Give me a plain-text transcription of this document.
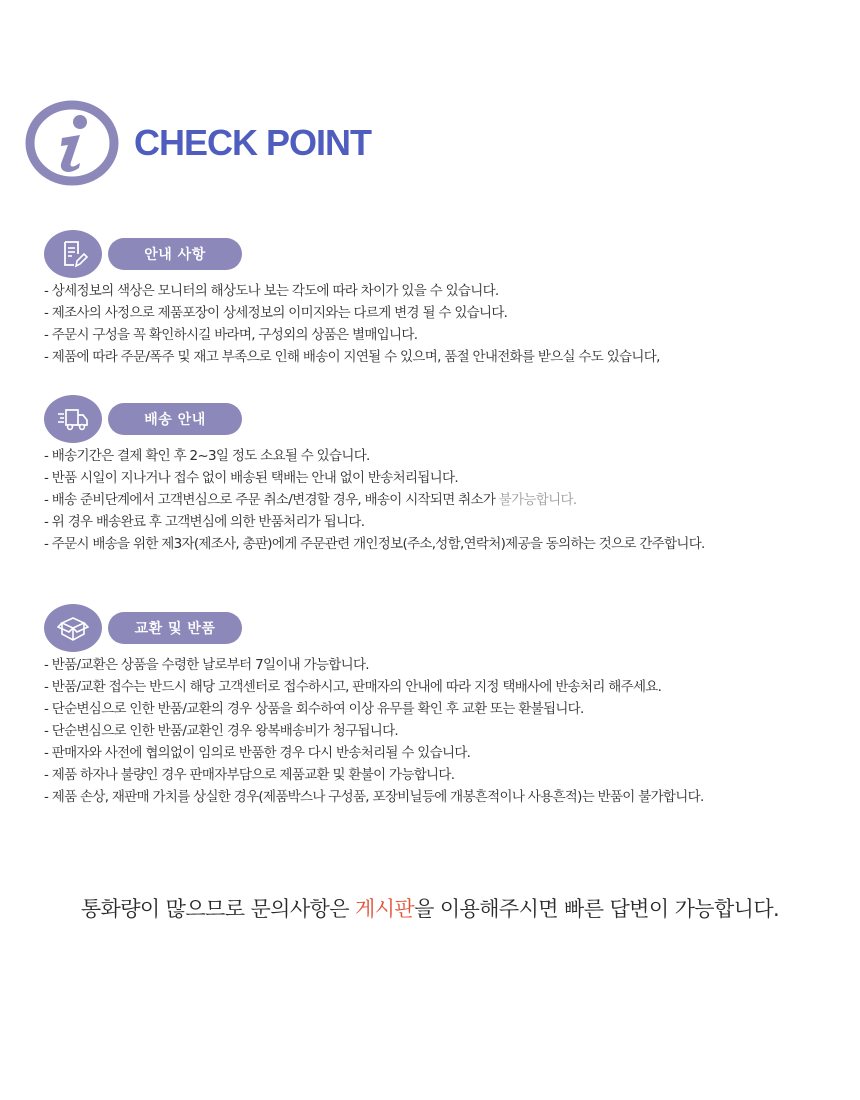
CHECK POINT
안내 사항
- 상세정보의 색상은 모니터의 해상도나 보는 각도에 따라 차이가 있을 수 있습니다.
- 제조사의 사정으로 제품포장이 상세정보의 이미지와는 다르게 변경 될 수 있습니다.
- 주문시 구성을 꼭 확인하시길 바라며, 구성외의 상품은 별매입니다.
- 제품에 따라 주문/폭주 및 재고 부족으로 인해 배송이 지연될 수 있으며, 품절 안내전화를 받으실 수도 있습니다,
배송 안내
- 배송기간은 결제 확인 후 2~3일 정도 소요될 수 있습니다.
- 반품 시일이 지나거나 접수 없이 배송된 택배는 안내 없이 반송처리됩니다.
- 배송 준비단계에서 고객변심으로 주문 취소/변경할 경우, 배송이 시작되면 취소가 불가능합니다.
- 위 경우 배송완료 후 고객변심에 의한 반품처리가 됩니다.
- 주문시 배송을 위한 제3자(제조사, 총판)에게 주문관련 개인정보(주소,성함,연락처)제공을 동의하는 것으로 간주합니다.
교환 및 반품
- 반품/교환은 상품을 수령한 날로부터 7일이내 가능합니다.
- 반품/교환 접수는 반드시 해당 고객센터로 접수하시고, 판매자의 안내에 따라 지정 택배사에 반송처리 해주세요.
- 단순변심으로 인한 반품/교환의 경우 상품을 회수하여 이상 유무를 확인 후 교환 또는 환불됩니다.
- 단순변심으로 인한 반품/교환인 경우 왕복배송비가 청구됩니다.
- 판매자와 사전에 협의없이 임의로 반품한 경우 다시 반송처리될 수 있습니다.
- 제품 하자나 불량인 경우 판매자부담으로 제품교환 및 환불이 가능합니다.
- 제품 손상, 재판매 가치를 상실한 경우(제품박스나 구성품, 포장비닐등에 개봉흔적이나 사용흔적)는 반품이 불가합니다.
통화량이 많으므로 문의사항은 게시판을 이용해주시면 빠른 답변이 가능합니다.
